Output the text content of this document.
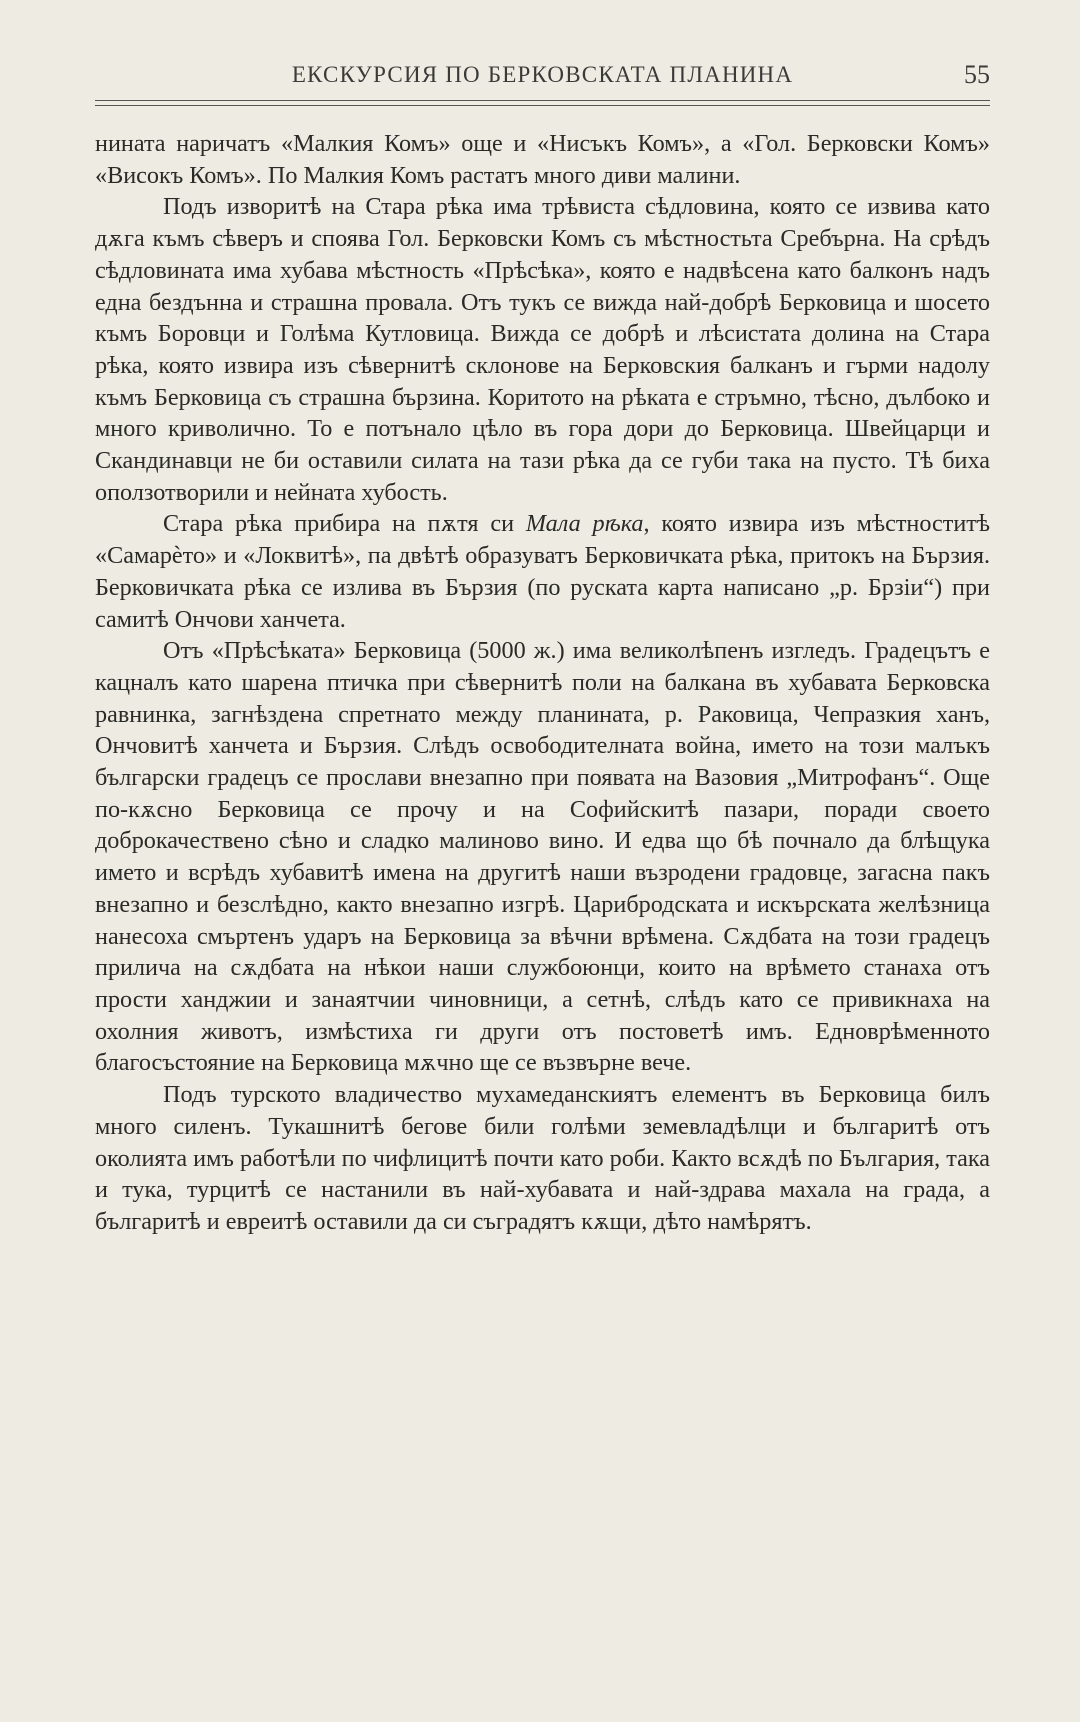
ЕКСКУРСИЯ ПО БЕРКОВСКАТА ПЛАНИНА	55

нината наричатъ «Малкия Комъ» още и «Нисъкъ Комъ», а «Гол. Берковски Комъ» «Високъ Комъ». По Малкия Комъ растатъ много диви малини.

Подъ изворитѣ на Стара рѣка има трѣвиста сѣдловина, която се извива като дѫга къмъ сѣверъ и споява Гол. Берковски Комъ съ мѣстностьта Сребърна. На срѣдъ сѣдловината има хубава мѣстность «Прѣсѣка», която е надвѣсена като балконъ надъ една бездънна и страшна провала. Отъ тукъ се вижда най-добрѣ Берковица и шосето къмъ Боровци и Голѣма Кутловица. Вижда се добрѣ и лѣсистата долина на Стара рѣка, която извира изъ сѣвернитѣ склонове на Берковския балканъ и гърми надолу къмъ Берковица съ страшна бързина. Коритото на рѣката е стръмно, тѣсно, дълбоко и много криволично. То е потънало цѣло въ гора дори до Берковица. Швейцарци и Скандинавци не би оставили силата на тази рѣка да се губи така на пусто. Тѣ биха оползотворили и нейната хубость.

Стара рѣка прибира на пѫтя си Мала рѣка, която извира изъ мѣстноститѣ «Самарѐто» и «Локвитѣ», па двѣтѣ образуватъ Берковичката рѣка, притокъ на Бързия. Берковичката рѣка се излива въ Бързия (по руската карта написано „р. Брзiи“) при самитѣ Ончови ханчета.

Отъ «Прѣсѣката» Берковица (5000 ж.) има великолѣпенъ изгледъ. Градецътъ е кацналъ като шарена птичка при сѣвернитѣ поли на балкана въ хубавата Берковска равнинка, загнѣздена спретнато между планината, р. Раковица, Чепразкия ханъ, Ончовитѣ ханчета и Бързия. Слѣдъ освободителната война, името на този малъкъ български градецъ се прослави внезапно при появата на Вазовия „Митрофанъ“. Още по-кѫсно Берковица се прочу и на Софийскитѣ пазари, поради своето доброкачествено сѣно и сладко малиново вино. И едва що бѣ почнало да блѣщука името и всрѣдъ хубавитѣ имена на другитѣ наши възродени градовце, загасна пакъ внезапно и безслѣдно, както внезапно изгрѣ. Царибродската и искърската желѣзница нанесоха смъртенъ ударъ на Берковица за вѣчни врѣмена. Сѫдбата на този градецъ прилича на сѫдбата на нѣкои наши службоюнци, които на врѣмето станаха отъ прости ханджии и занаятчии чиновници, а сетнѣ, слѣдъ като се привикнаха на охолния животъ, измѣстиха ги други отъ постоветѣ имъ. Едноврѣменното благосъстояние на Берковица мѫчно ще се възвърне вече.

Подъ турското владичество мухамеданскиятъ елементъ въ Берковица билъ много силенъ. Тукашнитѣ бегове били голѣми земевладѣлци и българитѣ отъ околията имъ работѣли по чифлицитѣ почти като роби. Както всѫдѣ по България, така и тука, турцитѣ се настанили въ най-хубавата и най-здрава махала на града, а българитѣ и евреитѣ оставили да си съградятъ кѫщи, дѣто намѣрятъ.
